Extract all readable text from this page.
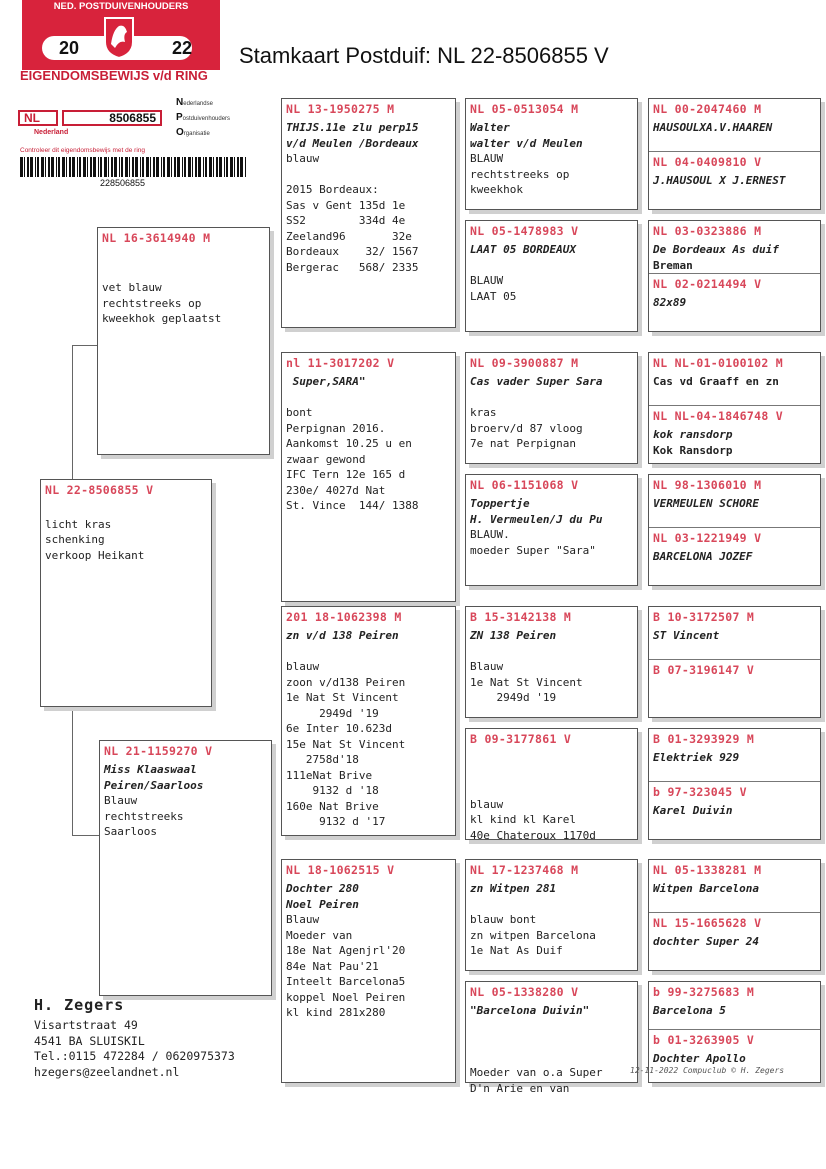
NED. POSTDUIVENHOUDERS
20	22
EIGENDOMSBEWIJS v/d RING
NL	8506855
Nederland
Nederlandse
Postduivenhouders
Organisatie
Controleer dit eigendomsbewijs met de ring
228506855
Stamkaart Postduif: NL 22-8506855 V
NL 22-8506855 V

licht kras
schenking
verkoop Heikant
NL 16-3614940 M

vet blauw
rechtstreeks op
kweekhok geplaatst
NL 21-1159270 V
Miss Klaaswaal
Peiren/Saarloos
Blauw
rechtstreeks
Saarloos
NL 13-1950275 M
THIJS.11e zlu perp15
v/d Meulen /Bordeaux
blauw

2015 Bordeaux:
Sas v Gent 135d 1e
SS2        334d 4e
Zeeland96       32e
Bordeaux    32/ 1567
Bergerac   568/ 2335
nl 11-3017202 V
Super,SARA"

bont
Perpignan 2016.
Aankomst 10.25 u en
zwaar gewond
IFC Tern 12e 165 d
230e/ 4027d Nat
St. Vince  144/ 1388
201 18-1062398 M
zn v/d 138 Peiren

blauw
zoon v/d138 Peiren
1e Nat St Vincent
2949d '19
6e Inter 10.623d
15e Nat St Vincent
2758d'18
111eNat Brive
9132 d '18
160e Nat Brive
9132 d '17
NL 18-1062515 V
Dochter 280
Noel Peiren
Blauw
Moeder van
18e Nat Agenjrl'20
84e Nat Pau'21
Inteelt Barcelona5
koppel Noel Peiren
kl kind 281x280
NL 05-0513054 M
Walter
walter v/d Meulen
BLAUW
rechtstreeks op
kweekhok
NL 05-1478983 V
LAAT 05 BORDEAUX

BLAUW
LAAT 05
NL 09-3900887 M
Cas vader Super Sara

kras
broerv/d 87 vloog
7e nat Perpignan
NL 06-1151068 V
Toppertje
H. Vermeulen/J du Pu
BLAUW.
moeder Super "Sara"
B 15-3142138 M
ZN 138 Peiren

Blauw
1e Nat St Vincent
2949d '19
B 09-3177861 V

blauw
kl kind kl Karel
40e Chateroux 1170d
NL 17-1237468 M
zn Witpen 281

blauw bont
zn witpen Barcelona
1e Nat As Duif
NL 05-1338280 V
"Barcelona Duivin"

Moeder van o.a Super
D'n Arie en van
NL 00-2047460 M
HAUSOULXA.V.HAAREN
NL 04-0409810 V
J.HAUSOUL X J.ERNEST
NL 03-0323886 M
De Bordeaux As duif
Breman
NL 02-0214494 V
82x89
NL NL-01-0100102 M
Cas vd Graaff en zn
NL NL-04-1846748 V
kok ransdorp
Kok Ransdorp
NL 98-1306010 M
VERMEULEN SCHORE
NL 03-1221949 V
BARCELONA JOZEF
B 10-3172507 M
ST Vincent
B 07-3196147 V
B 01-3293929 M
Elektriek 929
b 97-323045 V
Karel Duivin
NL 05-1338281 M
Witpen Barcelona
NL 15-1665628 V
dochter Super 24
b 99-3275683 M
Barcelona 5
b 01-3263905 V
Dochter Apollo
H. Zegers
Visartstraat 49
4541 BA SLUISKIL
Tel.:0115 472284 / 0620975373
hzegers@zeelandnet.nl	12-11-2022 Compuclub © H. Zegers
